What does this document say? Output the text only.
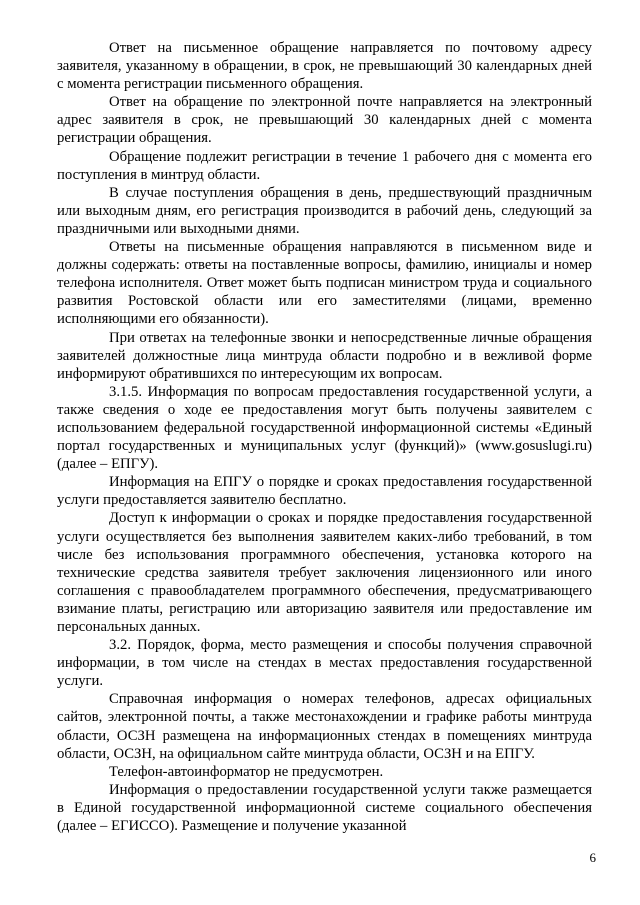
Ответ на письменное обращение направляется по почтовому адресу заявителя, указанному в обращении, в срок, не превышающий 30 календарных дней с момента регистрации письменного обращения.

Ответ на обращение по электронной почте направляется на электронный адрес заявителя в срок, не превышающий 30 календарных дней с момента регистрации обращения.

Обращение подлежит регистрации в течение 1 рабочего дня с момента его поступления в минтруд области.

В случае поступления обращения в день, предшествующий праздничным или выходным дням, его регистрация производится в рабочий день, следующий за праздничными или выходными днями.

Ответы на письменные обращения направляются в письменном виде и должны содержать: ответы на поставленные вопросы, фамилию, инициалы и номер телефона исполнителя. Ответ может быть подписан министром труда и социального развития Ростовской области или его заместителями (лицами, временно исполняющими его обязанности).

При ответах на телефонные звонки и непосредственные личные обращения заявителей должностные лица минтруда области подробно и в вежливой форме информируют обратившихся по интересующим их вопросам.

3.1.5. Информация по вопросам предоставления государственной услуги, а также сведения о ходе ее предоставления могут быть получены заявителем с использованием федеральной государственной информационной системы «Единый портал государственных и муниципальных услуг (функций)» (www.gosuslugi.ru) (далее – ЕПГУ).

Информация на ЕПГУ о порядке и сроках предоставления государственной услуги предоставляется заявителю бесплатно.

Доступ к информации о сроках и порядке предоставления государственной услуги осуществляется без выполнения заявителем каких-либо требований, в том числе без использования программного обеспечения, установка которого на технические средства заявителя требует заключения лицензионного или иного соглашения с правообладателем программного обеспечения, предусматривающего взимание платы, регистрацию или авторизацию заявителя или предоставление им персональных данных.

3.2. Порядок, форма, место размещения и способы получения справочной информации, в том числе на стендах в местах предоставления государственной услуги.

Справочная информация о номерах телефонов, адресах официальных сайтов, электронной почты, а также местонахождении и графике работы минтруда области, ОСЗН размещена на информационных стендах в помещениях минтруда области, ОСЗН, на официальном сайте минтруда области, ОСЗН и на ЕПГУ.

Телефон-автоинформатор не предусмотрен.

Информация о предоставлении государственной услуги также размещается в Единой государственной информационной системе социального обеспечения (далее – ЕГИССО). Размещение и получение указанной

6
